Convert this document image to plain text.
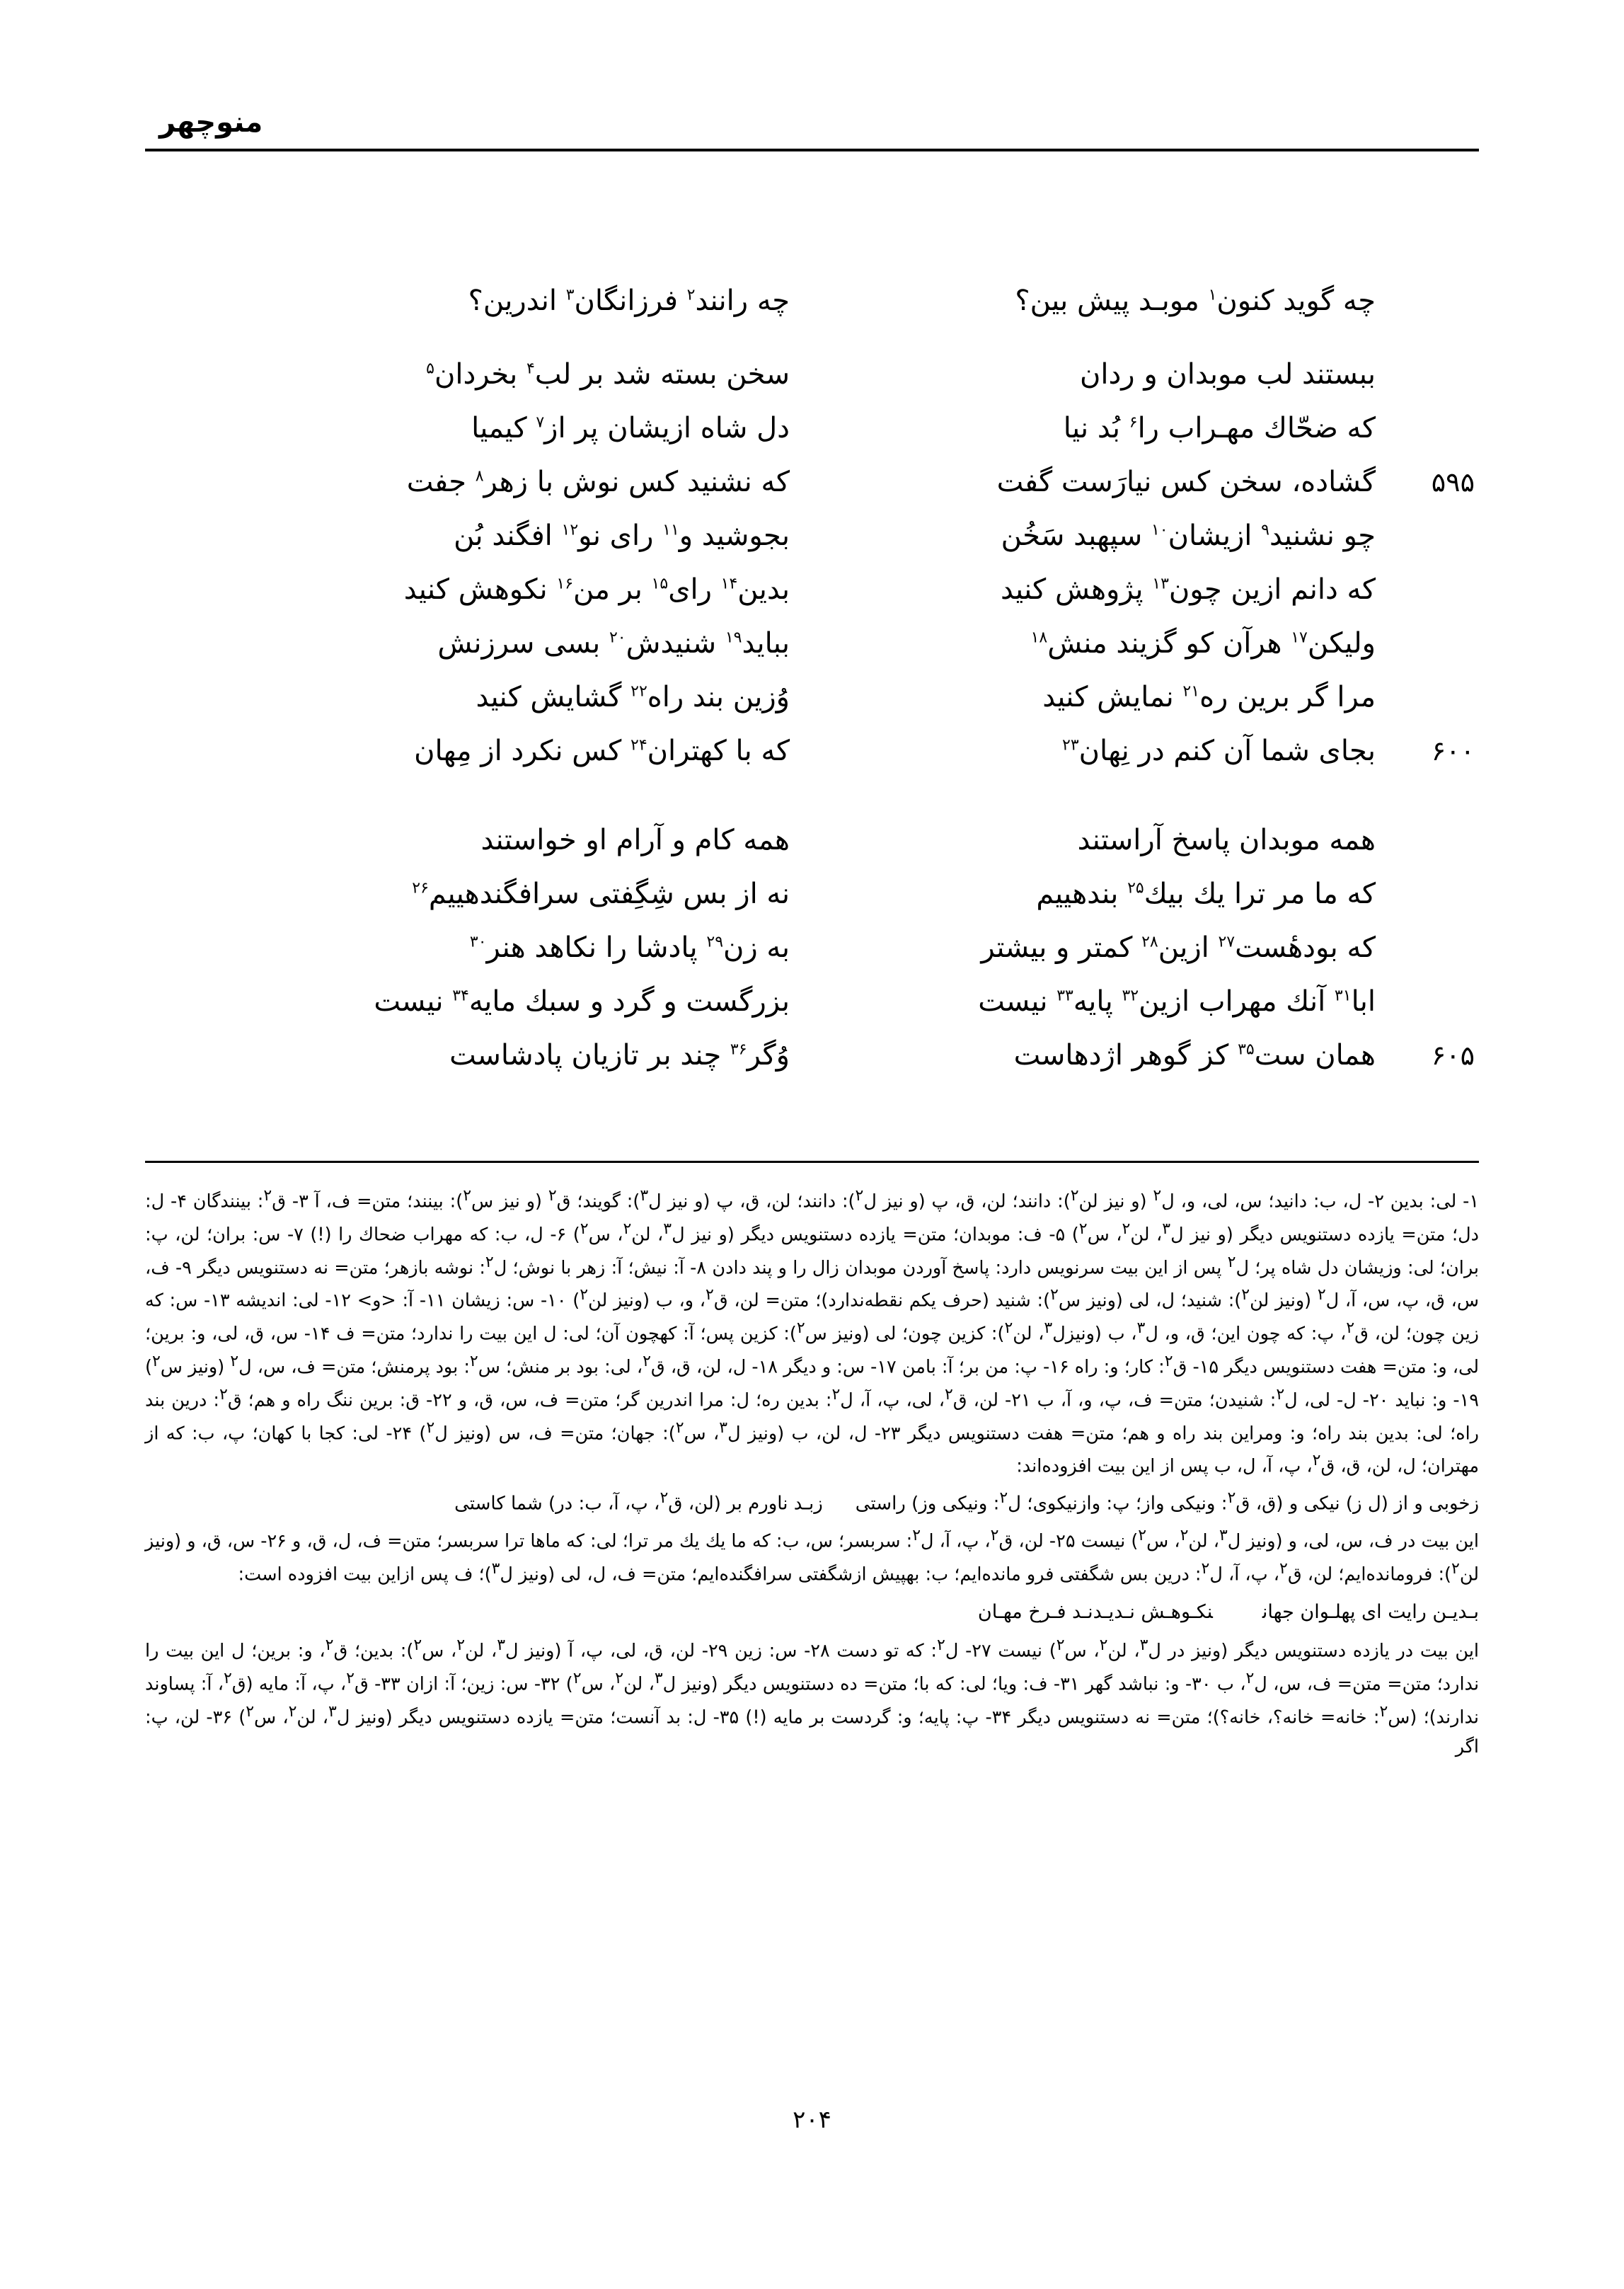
منوچهر
چه گوید کنون$^۱$ موبـد پیش بین؟
چه رانند$^۲$ فرزانگان$^۳$ اندرین؟
ببستند لب موبدان و ردان
سخن بسته شد بر لب$^۴$ بخردان$^۵$
که ضحّاك مهـراب را$^۶$ بُد نیا
دل شاه ازیشان پر از$^۷$ کیمیا
۵۹۵
گشاده، سخن کس نیارَست گفت
که نشنید کس نوش با زهر$^۸$ جفت
چو نشنید$^۹$ ازیشان$^{۱۰}$ سپهبد سَخُن
بجوشید و$^{۱۱}$ رای نو$^{۱۲}$ افگند بُن
که دانم ازین چون$^{۱۳}$ پژوهش کنید
بدین$^{۱۴}$ رای$^{۱۵}$ بر من$^{۱۶}$ نکوهش کنید
ولیکن$^{۱۷}$ هرآن کو گزیند منش$^{۱۸}$
بباید$^{۱۹}$ شنیدش$^{۲۰}$ بسی سرزنش
مرا گر برین ره$^{۲۱}$ نمایش کنید
وُزین بند راه$^{۲۲}$ گشایش کنید
۶۰۰
بجای شما آن کنم در نِهان$^{۲۳}$
که با کهتران$^{۲۴}$ کس نکرد از مِهان
همه موبدان پاسخ آراستند
همه کام و آرام او خواستند
که ما مر ترا یك بیك$^{۲۵}$ بندهییم
نه از بس شِگِفتی سرافگندهییم$^{۲۶}$
که بودهٔست$^{۲۷}$ ازین$^{۲۸}$ کمتر و بیشتر
به زن$^{۲۹}$ پادشا را نکاهد هنر$^{۳۰}$
ابا$^{۳۱}$ آنك مهراب ازین$^{۳۲}$ پایه$^{۳۳}$ نیست
بزرگست و گرد و سبك مایه$^{۳۴}$ نیست
۶۰۵
همان ست$^{۳۵}$ کز گوهر اژدهاست
وُگر$^{۳۶}$ چند بر تازیان پادشاست

۱- لی: بدین ۲- ل، ب: دانید؛ س، لی، و، ل$^۲$ (و نیز لن$^۲$): دانند؛ لن، ق، پ (و نیز ل$^۲$): دانند؛ لن، ق، پ (و نیز ل$^۳$): گویند؛ ق$^۲$ (و نیز س$^۲$): بینند؛ متن= ف، آ ۳- ق$^۲$: بینندگان ۴- ل: دل؛ متن= یازده دستنویس دیگر (و نیز ل$^۳$، لن$^۲$، س$^۲$) ۵- ف: موبدان؛ متن= یازده دستنویس دیگر (و نیز ل$^۳$، لن$^۲$، س$^۲$) ۶- ل، ب: که مهراب ضحاك را (!) ۷- س: بران؛ لن، پ: بران؛ لی: وزیشان دل شاه پر؛ ل$^۲$ پس از این بیت سرنویس دارد: پاسخ آوردن موبدان زال را و پند دادن ۸- آ: نیش؛ آ: زهر با نوش؛ ل$^۲$: نوشه بازهر؛ متن= نه دستنویس دیگر ۹- ف، س، ق، پ، س، آ، ل$^۲$ (ونیز لن$^۲$): شنید؛ ل، لی (ونیز س$^۲$): شنید (حرف یکم نقطه‌ندارد)؛ متن= لن، ق$^۲$، و، ب (ونیز لن$^۲$) ۱۰- س: زیشان ۱۱- آ: <و> ۱۲- لی: اندیشه ۱۳- س: که زین چون؛ لن، ق$^۲$، پ: که چون این؛ ق، و، ل$^۳$، ب (ونیزل$^۳$، لن$^۲$): کزین چون؛ لی (ونیز س$^۲$): کزین پس؛ آ: کهچون آن؛ لی: ل این بیت را ندارد؛ متن= ف ۱۴- س، ق، لی، و: برین؛ لی، و: متن= هفت دستنویس دیگر ۱۵- ق$^۲$: کار؛ و: راه ۱۶- پ: من بر؛ آ: بامن ۱۷- س: و دیگر ۱۸- ل، لن، ق، ق$^۲$، لی: بود بر منش؛ س$^۲$: بود پرمنش؛ متن= ف، س، ل$^۲$ (ونیز س$^۲$) ۱۹- و: نباید ۲۰- ل- لی، ل$^۲$: شنیدن؛ متن= ف، پ، و، آ، ب ۲۱- لن، ق$^۲$، لی، پ، آ، ل$^۲$: بدین ره؛ ل: مرا اندرین گر؛ متن= ف، س، ق، و ۲۲- ق: برین ننگ راه و هم؛ ق$^۲$: درین بند راه؛ لی: بدین بند راه؛ و: ومراین بند راه و هم؛ متن= هفت دستنویس دیگر ۲۳- ل، لن، ب (ونیز ل$^۳$، س$^۲$): جهان؛ متن= ف، س (ونیز ل$^۲$) ۲۴- لی: کجا با کهان؛ پ، ب: که از مهتران؛ ل، لن، ق، ق$^۲$، پ، آ، ل، ب پس از این بیت افزوده‌اند:

زخوبی و از (ل ز) نیکی و (ق، ق$^۲$: ونیکی واز؛ پ: وازنیکوی؛ ل$^۲$: ونیکی وز) راستیزبـد ناورم بر (لن، ق$^۲$، پ، آ، ب: در) شما کاستی

این بیت در ف، س، لی، و (ونیز ل$^۳$، لن$^۲$، س$^۲$) نیست ۲۵- لن، ق$^۲$، پ، آ، ل$^۲$: سربسر؛ س، ب: که ما یك یك مر ترا؛ لی: که ماها ترا سربسر؛ متن= ف، ل، ق، و ۲۶- س، ق، و (ونیز لن$^۲$): فرومانده‌ایم؛ لن، ق$^۲$، پ، آ، ل$^۲$: درین بس شگفتی فرو مانده‌ایم؛ ب: بهپیش ازشگفتی سرافگنده‌ایم؛ متن= ف، ل، لی (ونیز ل$^۳$)؛ ف پس ازاین بیت افزوده است:

بـدیـن رایت ای پهلـوان جهاننکـوهـش نـدیـدنـد فـرخ مهـان

این بیت در یازده دستنویس دیگر (ونیز در ل$^۳$، لن$^۲$، س$^۲$) نیست ۲۷- ل$^۲$: که تو دست ۲۸- س: زین ۲۹- لن، ق، لی، پ، آ (ونیز ل$^۳$، لن$^۲$، س$^۲$): بدین؛ ق$^۲$، و: برین؛ ل این بیت را ندارد؛ متن= متن= ف، س، ل$^۲$، ب ۳۰- و: نباشد گهر ۳۱- ف: ویا؛ لی: که با؛ متن= ده دستنویس دیگر (ونیز ل$^۳$، لن$^۲$، س$^۲$) ۳۲- س: زین؛ آ: ازان ۳۳- ق$^۲$، پ، آ: مایه (ق$^۲$، آ: پساوند ندارند)؛ (س$^۲$: خانه= خانه؟، خانه؟)؛ متن= نه دستنویس دیگر ۳۴- پ: پایه؛ و: گردست بر مایه (!) ۳۵- ل: بد آنست؛ متن= یازده دستنویس دیگر (ونیز ل$^۳$، لن$^۲$، س$^۲$) ۳۶- لن، پ: اگر

۲۰۴
